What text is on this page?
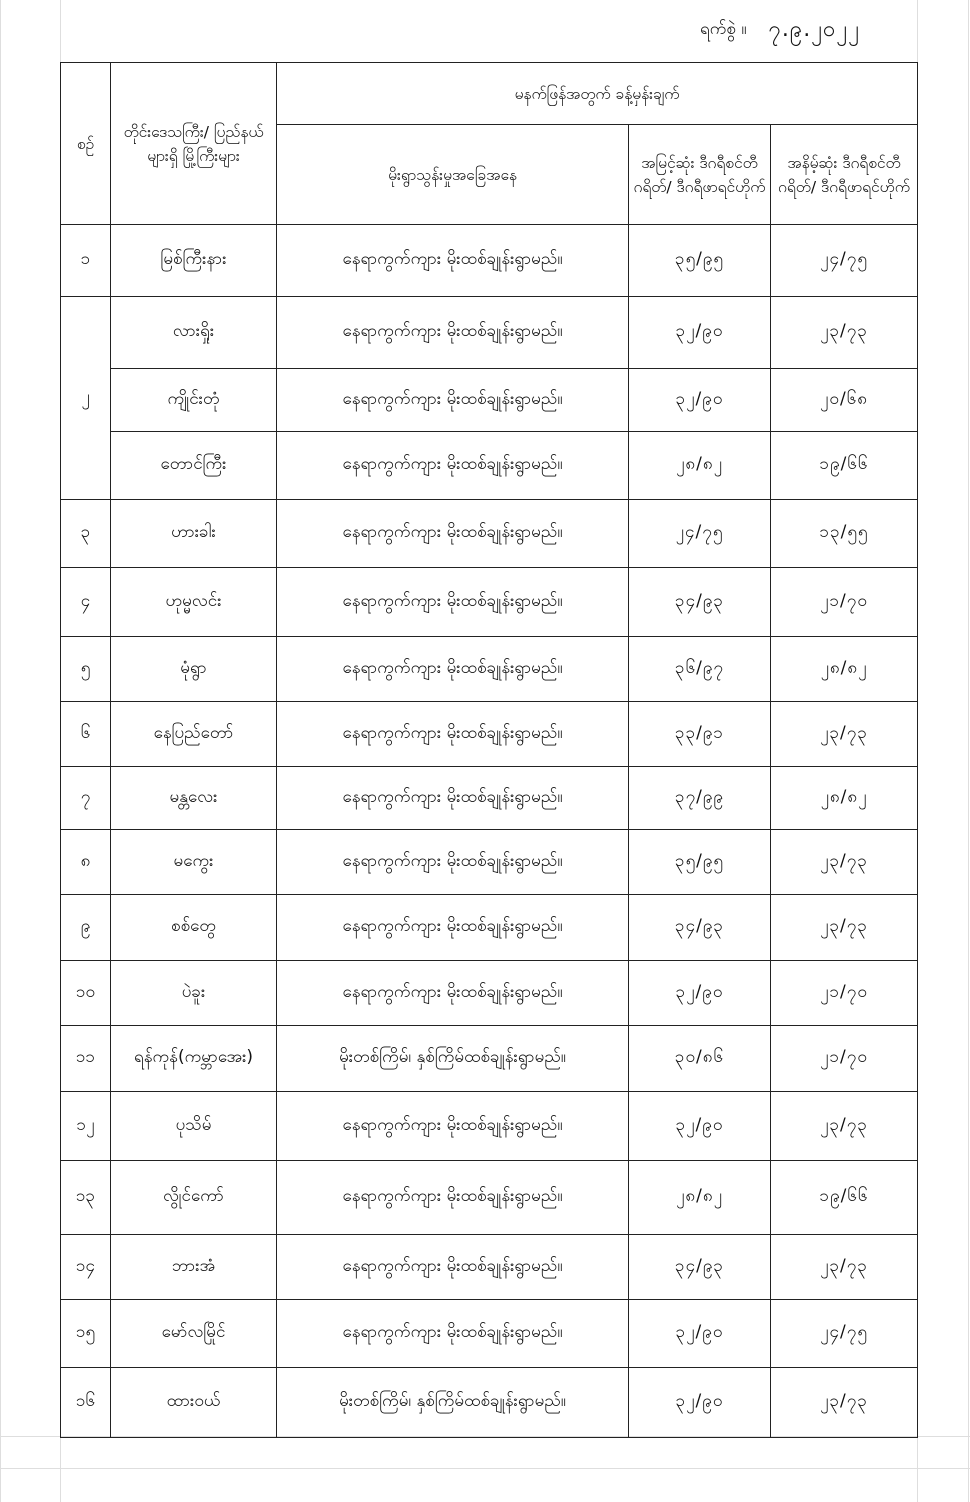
ရက်စွဲ ။ ၇.၉.၂၀၂၂
စဉ်	တိုင်းဒေသကြီး/ ပြည်နယ်များရှိ မြို့ကြီးများ	မနက်ဖြန်အတွက် ခန့်မှန်းချက်		
		မိုးရွာသွန်းမှုအခြေအနေ	အမြင့်ဆုံး ဒီဂရီစင်တီဂရိတ်/ ဒီဂရီဖာရင်ဟိုက်	အနိမ့်ဆုံး ဒီဂရီစင်တီဂရိတ်/ ဒီဂရီဖာရင်ဟိုက်
၁	မြစ်ကြီးနား	နေရာကွက်ကျား မိုးထစ်ချုန်းရွာမည်။	၃၅/၉၅	၂၄/၇၅
၂	လားရှိုး	နေရာကွက်ကျား မိုးထစ်ချုန်းရွာမည်။	၃၂/၉၀	၂၃/၇၃
	ကျိုင်းတုံ	နေရာကွက်ကျား မိုးထစ်ချုန်းရွာမည်။	၃၂/၉၀	၂၀/၆၈
	တောင်ကြီး	နေရာကွက်ကျား မိုးထစ်ချုန်းရွာမည်။	၂၈/၈၂	၁၉/၆၆
၃	ဟားခါး	နေရာကွက်ကျား မိုးထစ်ချုန်းရွာမည်။	၂၄/၇၅	၁၃/၅၅
၄	ဟုမ္မလင်း	နေရာကွက်ကျား မိုးထစ်ချုန်းရွာမည်။	၃၄/၉၃	၂၁/၇၀
၅	မုံရွာ	နေရာကွက်ကျား မိုးထစ်ချုန်းရွာမည်။	၃၆/၉၇	၂၈/၈၂
၆	နေပြည်တော်	နေရာကွက်ကျား မိုးထစ်ချုန်းရွာမည်။	၃၃/၉၁	၂၃/၇၃
၇	မန္တလေး	နေရာကွက်ကျား မိုးထစ်ချုန်းရွာမည်။	၃၇/၉၉	၂၈/၈၂
၈	မကွေး	နေရာကွက်ကျား မိုးထစ်ချုန်းရွာမည်။	၃၅/၉၅	၂၃/၇၃
၉	စစ်တွေ	နေရာကွက်ကျား မိုးထစ်ချုန်းရွာမည်။	၃၄/၉၃	၂၃/၇၃
၁၀	ပဲခူး	နေရာကွက်ကျား မိုးထစ်ချုန်းရွာမည်။	၃၂/၉၀	၂၁/၇၀
၁၁	ရန်ကုန်(ကမ္ဘာအေး)	မိုးတစ်ကြိမ်၊ နှစ်ကြိမ်ထစ်ချုန်းရွာမည်။	၃၀/၈၆	၂၁/၇၀
၁၂	ပုသိမ်	နေရာကွက်ကျား မိုးထစ်ချုန်းရွာမည်။	၃၂/၉၀	၂၃/၇၃
၁၃	လွိုင်ကော်	နေရာကွက်ကျား မိုးထစ်ချုန်းရွာမည်။	၂၈/၈၂	၁၉/၆၆
၁၄	ဘားအံ	နေရာကွက်ကျား မိုးထစ်ချုန်းရွာမည်။	၃၄/၉၃	၂၃/၇၃
၁၅	မော်လမြိုင်	နေရာကွက်ကျား မိုးထစ်ချုန်းရွာမည်။	၃၂/၉၀	၂၄/၇၅
၁၆	ထားဝယ်	မိုးတစ်ကြိမ်၊ နှစ်ကြိမ်ထစ်ချုန်းရွာမည်။	၃၂/၉၀	၂၃/၇၃
